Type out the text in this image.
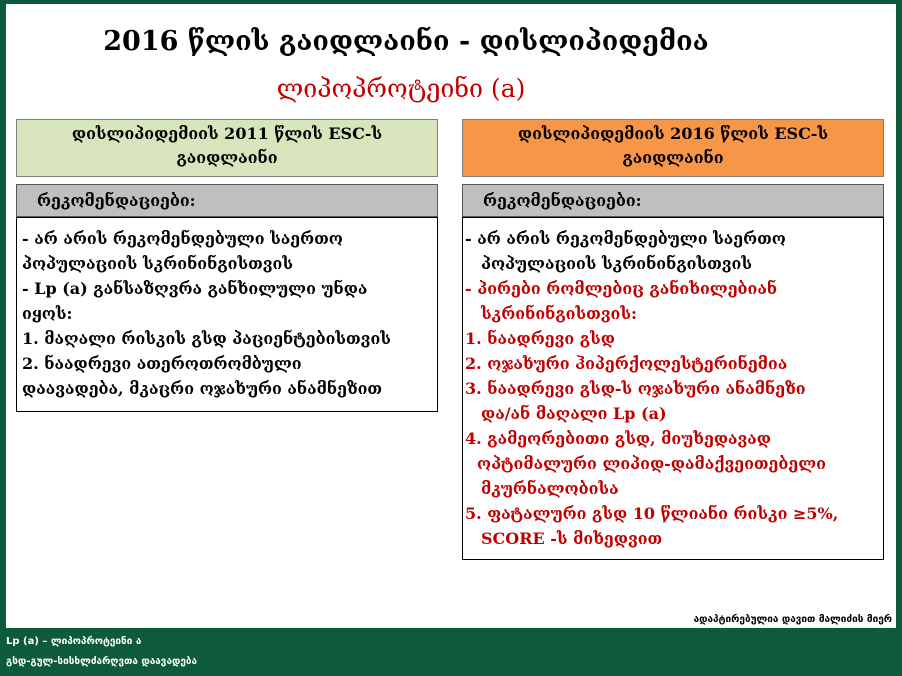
2016 წლის გაიდლაინი - დისლიპიდემია
ლიპოპროტეინი (a)
დისლიპიდემიის 2011 წლის ESC-ს
გაიდლაინი
დისლიპიდემიის 2016 წლის ESC-ს
გაიდლაინი
რეკომენდაციები:	რეკომენდაციები:
- არ არის რეკომენდებული საერთო
პოპულაციის სკრინინგისთვის
- Lp (a) განსაზღვრა განხილული უნდა
იყოს:
1. მაღალი რისკის გსდ პაციენტებისთვის
2. ნაადრევი ათეროთრომბული
დაავადება, მკაცრი ოჯახური ანამნეზით
- არ არის რეკომენდებული საერთო
პოპულაციის სკრინინგისთვის
- პირები რომლებიც განიხილებიან
სკრინინგისთვის:
1. ნაადრევი გსდ
2. ოჯახური ჰიპერქოლესტერინემია
3. ნაადრევი გსდ-ს ოჯახური ანამნეზი
და/ან მაღალი Lp (a)
4. გამეორებითი გსდ, მიუხედავად
ოპტიმალური ლიპიდ-დამაქვეითებელი
მკურნალობისა
5. ფატალური გსდ 10 წლიანი რისკი ≥5%,
SCORE -ს მიხედვით
ადაპტირებულია დავით მალიძის მიერ
Lp (a) – ლიპოპროტეინი ა
გსდ-გულ-სისხლძარღვთა დაავადება
